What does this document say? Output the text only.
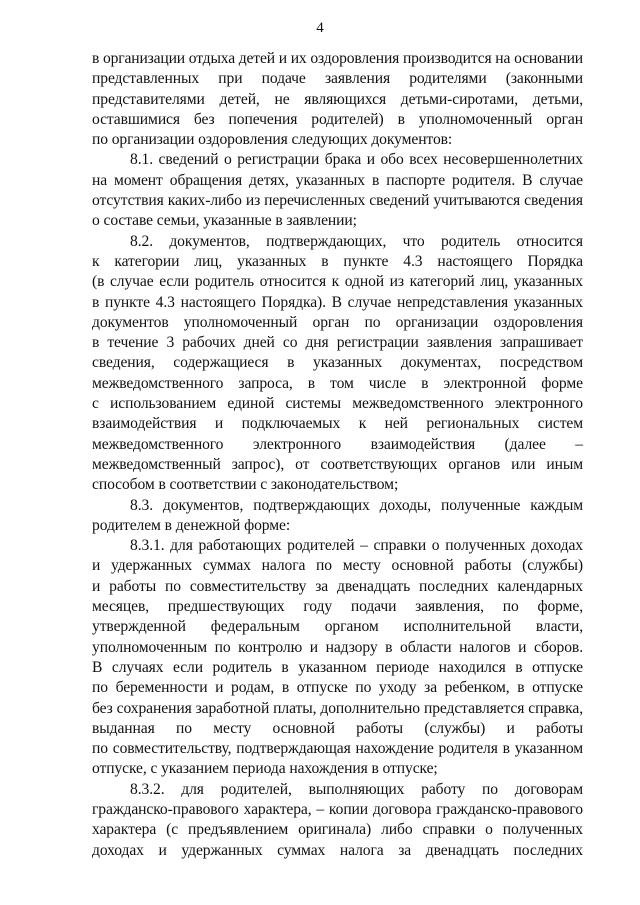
4
в организации отдыха детей и их оздоровления производится на основании
представленных при подаче заявления родителями (законными
представителями детей, не являющихся детьми-сиротами, детьми,
оставшимися без попечения родителей) в уполномоченный орган
по организации оздоровления следующих документов:
8.1. сведений о регистрации брака и обо всех несовершеннолетних
на момент обращения детях, указанных в паспорте родителя. В случае
отсутствия каких-либо из перечисленных сведений учитываются сведения
о составе семьи, указанные в заявлении;
8.2. документов, подтверждающих, что родитель относится
к категории лиц, указанных в пункте 4.3 настоящего Порядка
(в случае если родитель относится к одной из категорий лиц, указанных
в пункте 4.3 настоящего Порядка). В случае непредставления указанных
документов уполномоченный орган по организации оздоровления
в течение 3 рабочих дней со дня регистрации заявления запрашивает
сведения, содержащиеся в указанных документах, посредством
межведомственного запроса, в том числе в электронной форме
с использованием единой системы межведомственного электронного
взаимодействия и подключаемых к ней региональных систем
межведомственного электронного взаимодействия (далее –
межведомственный запрос), от соответствующих органов или иным
способом в соответствии с законодательством;
8.3. документов, подтверждающих доходы, полученные каждым
родителем в денежной форме:
8.3.1. для работающих родителей – справки о полученных доходах
и удержанных суммах налога по месту основной работы (службы)
и работы по совместительству за двенадцать последних календарных
месяцев, предшествующих году подачи заявления, по форме,
утвержденной федеральным органом исполнительной власти,
уполномоченным по контролю и надзору в области налогов и сборов.
В случаях если родитель в указанном периоде находился в отпуске
по беременности и родам, в отпуске по уходу за ребенком, в отпуске
без сохранения заработной платы, дополнительно представляется справка,
выданная по месту основной работы (службы) и работы
по совместительству, подтверждающая нахождение родителя в указанном
отпуске, с указанием периода нахождения в отпуске;
8.3.2. для родителей, выполняющих работу по договорам
гражданско-правового характера, – копии договора гражданско-правового
характера (с предъявлением оригинала) либо справки о полученных
доходах и удержанных суммах налога за двенадцать последних
